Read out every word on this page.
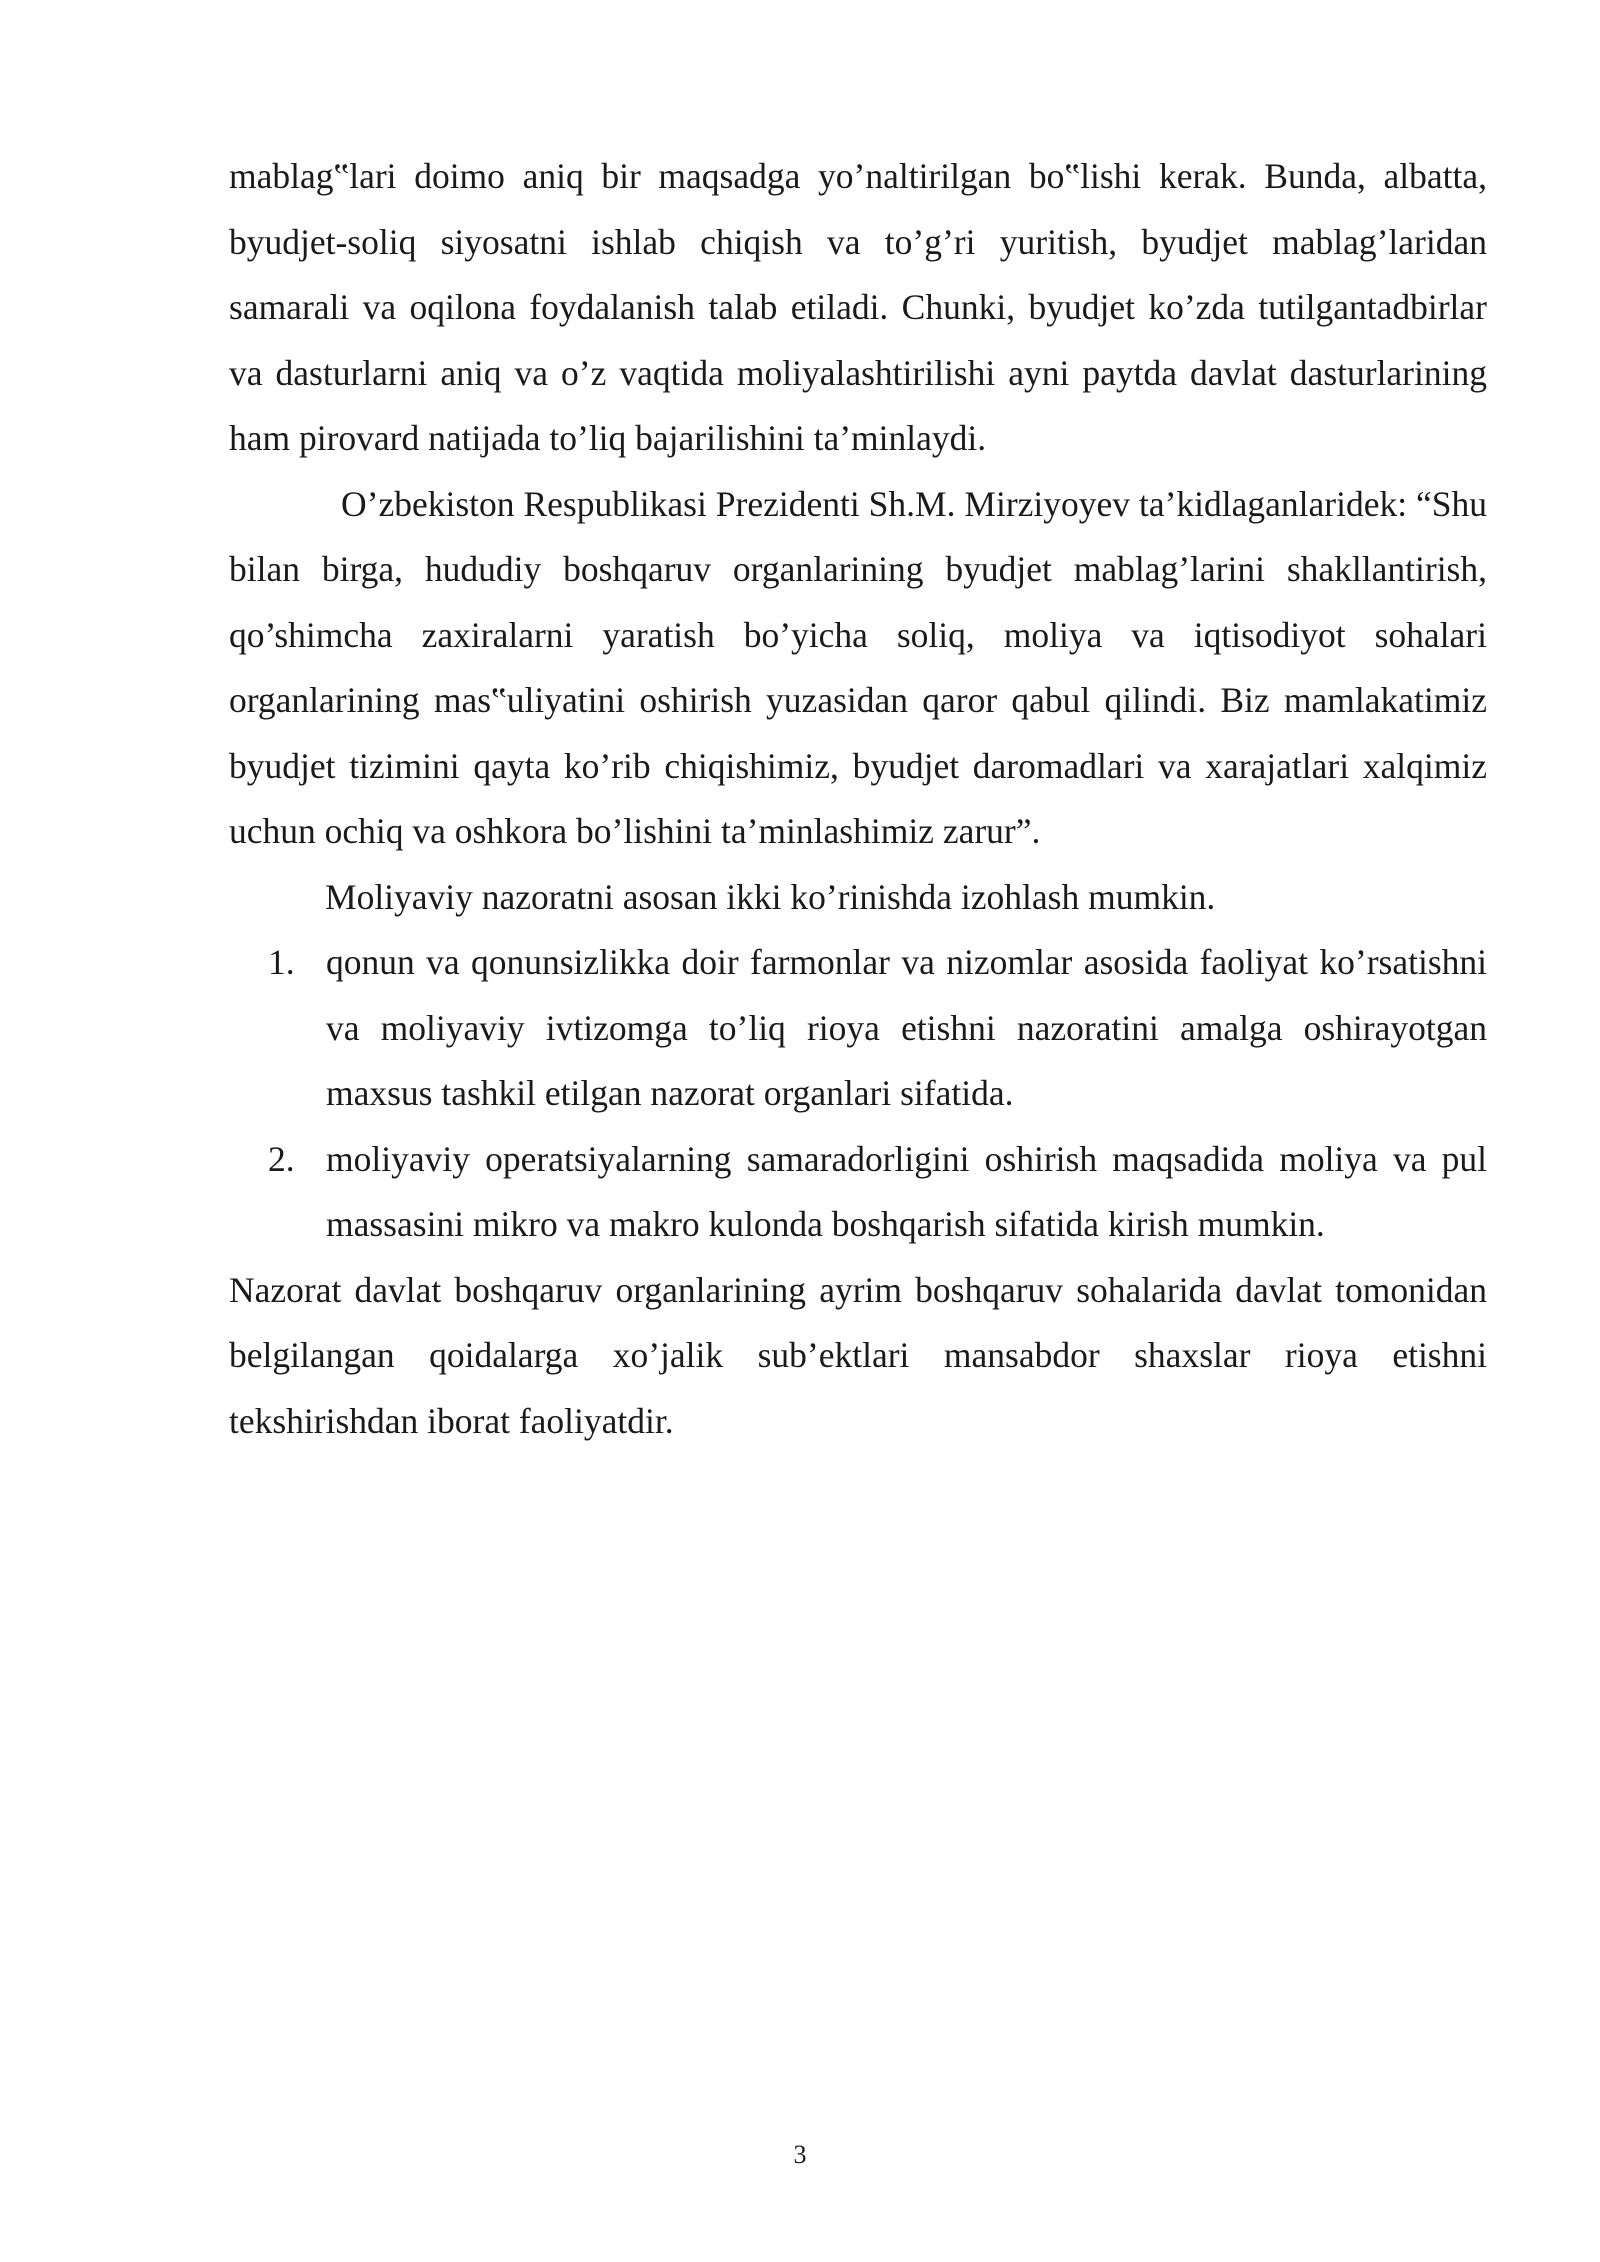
mablag‟lari doimo aniq bir maqsadga yo’naltirilgan bo‟lishi kerak. Bunda, albatta, byudjet-soliq siyosatni ishlab chiqish va to’g’ri yuritish, byudjet mablag’laridan samarali va oqilona foydalanish talab etiladi. Chunki, byudjet ko’zda tutilgantadbirlar va dasturlarni aniq va o’z vaqtida moliyalashtirilishi ayni paytda davlat dasturlarining ham pirovard natijada to’liq bajarilishini ta’minlaydi.

O’zbekiston Respublikasi Prezidenti Sh.M. Mirziyoyev ta’kidlaganlaridek: “Shu bilan birga, hududiy boshqaruv organlarining byudjet mablag’larini shakllantirish, qo’shimcha zaxiralarni yaratish bo’yicha soliq, moliya va iqtisodiyot sohalari organlarining mas‟uliyatini oshirish yuzasidan qaror qabul qilindi. Biz mamlakatimiz byudjet tizimini qayta ko’rib chiqishimiz, byudjet daromadlari va xarajatlari xalqimiz uchun ochiq va oshkora bo’lishini ta’minlashimiz zarur”.

Moliyaviy nazoratni asosan ikki ko’rinishda izohlash mumkin.

1. qonun va qonunsizlikka doir farmonlar va nizomlar asosida faoliyat ko’rsatishni va moliyaviy ivtizomga to’liq rioya etishni nazoratini amalga oshirayotgan maxsus tashkil etilgan nazorat organlari sifatida.
2. moliyaviy operatsiyalarning samaradorligini oshirish maqsadida moliya va pul massasini mikro va makro kulonda boshqarish sifatida kirish mumkin.

Nazorat davlat boshqaruv organlarining ayrim boshqaruv sohalarida davlat tomonidan belgilangan qoidalarga xo’jalik sub’ektlari mansabdor shaxslar rioya etishni tekshirishdan iborat faoliyatdir.

3
